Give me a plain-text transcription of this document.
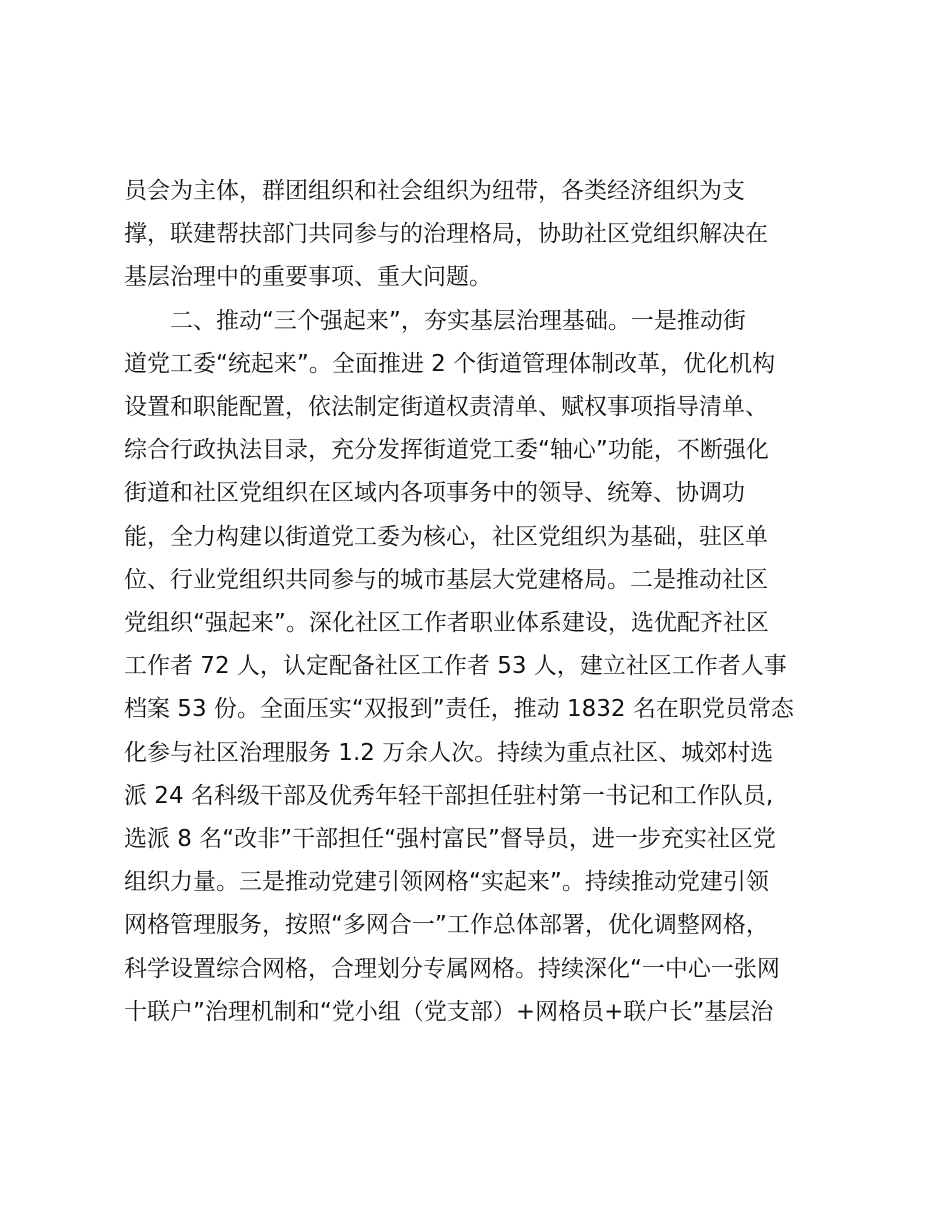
员会为主体，群团组织和社会组织为纽带，各类经济组织为支
撑，联建帮扶部门共同参与的治理格局，协助社区党组织解决在
基层治理中的重要事项、重大问题。
　　二、推动“三个强起来”，夯实基层治理基础。一是推动街
道党工委“统起来”。全面推进 2 个街道管理体制改革，优化机构
设置和职能配置，依法制定街道权责清单、赋权事项指导清单、
综合行政执法目录，充分发挥街道党工委“轴心”功能，不断强化
街道和社区党组织在区域内各项事务中的领导、统筹、协调功
能，全力构建以街道党工委为核心，社区党组织为基础，驻区单
位、行业党组织共同参与的城市基层大党建格局。二是推动社区
党组织“强起来”。深化社区工作者职业体系建设，选优配齐社区
工作者 72 人，认定配备社区工作者 53 人，建立社区工作者人事
档案 53 份。全面压实“双报到”责任，推动 1832 名在职党员常态
化参与社区治理服务 1.2 万余人次。持续为重点社区、城郊村选
派 24 名科级干部及优秀年轻干部担任驻村第一书记和工作队员,
选派 8 名“改非”干部担任“强村富民”督导员，进一步充实社区党
组织力量。三是推动党建引领网格“实起来”。持续推动党建引领
网格管理服务，按照“多网合一”工作总体部署，优化调整网格，
科学设置综合网格，合理划分专属网格。持续深化“一中心一张网
十联户”治理机制和“党小组（党支部）+网格员+联户长”基层治
